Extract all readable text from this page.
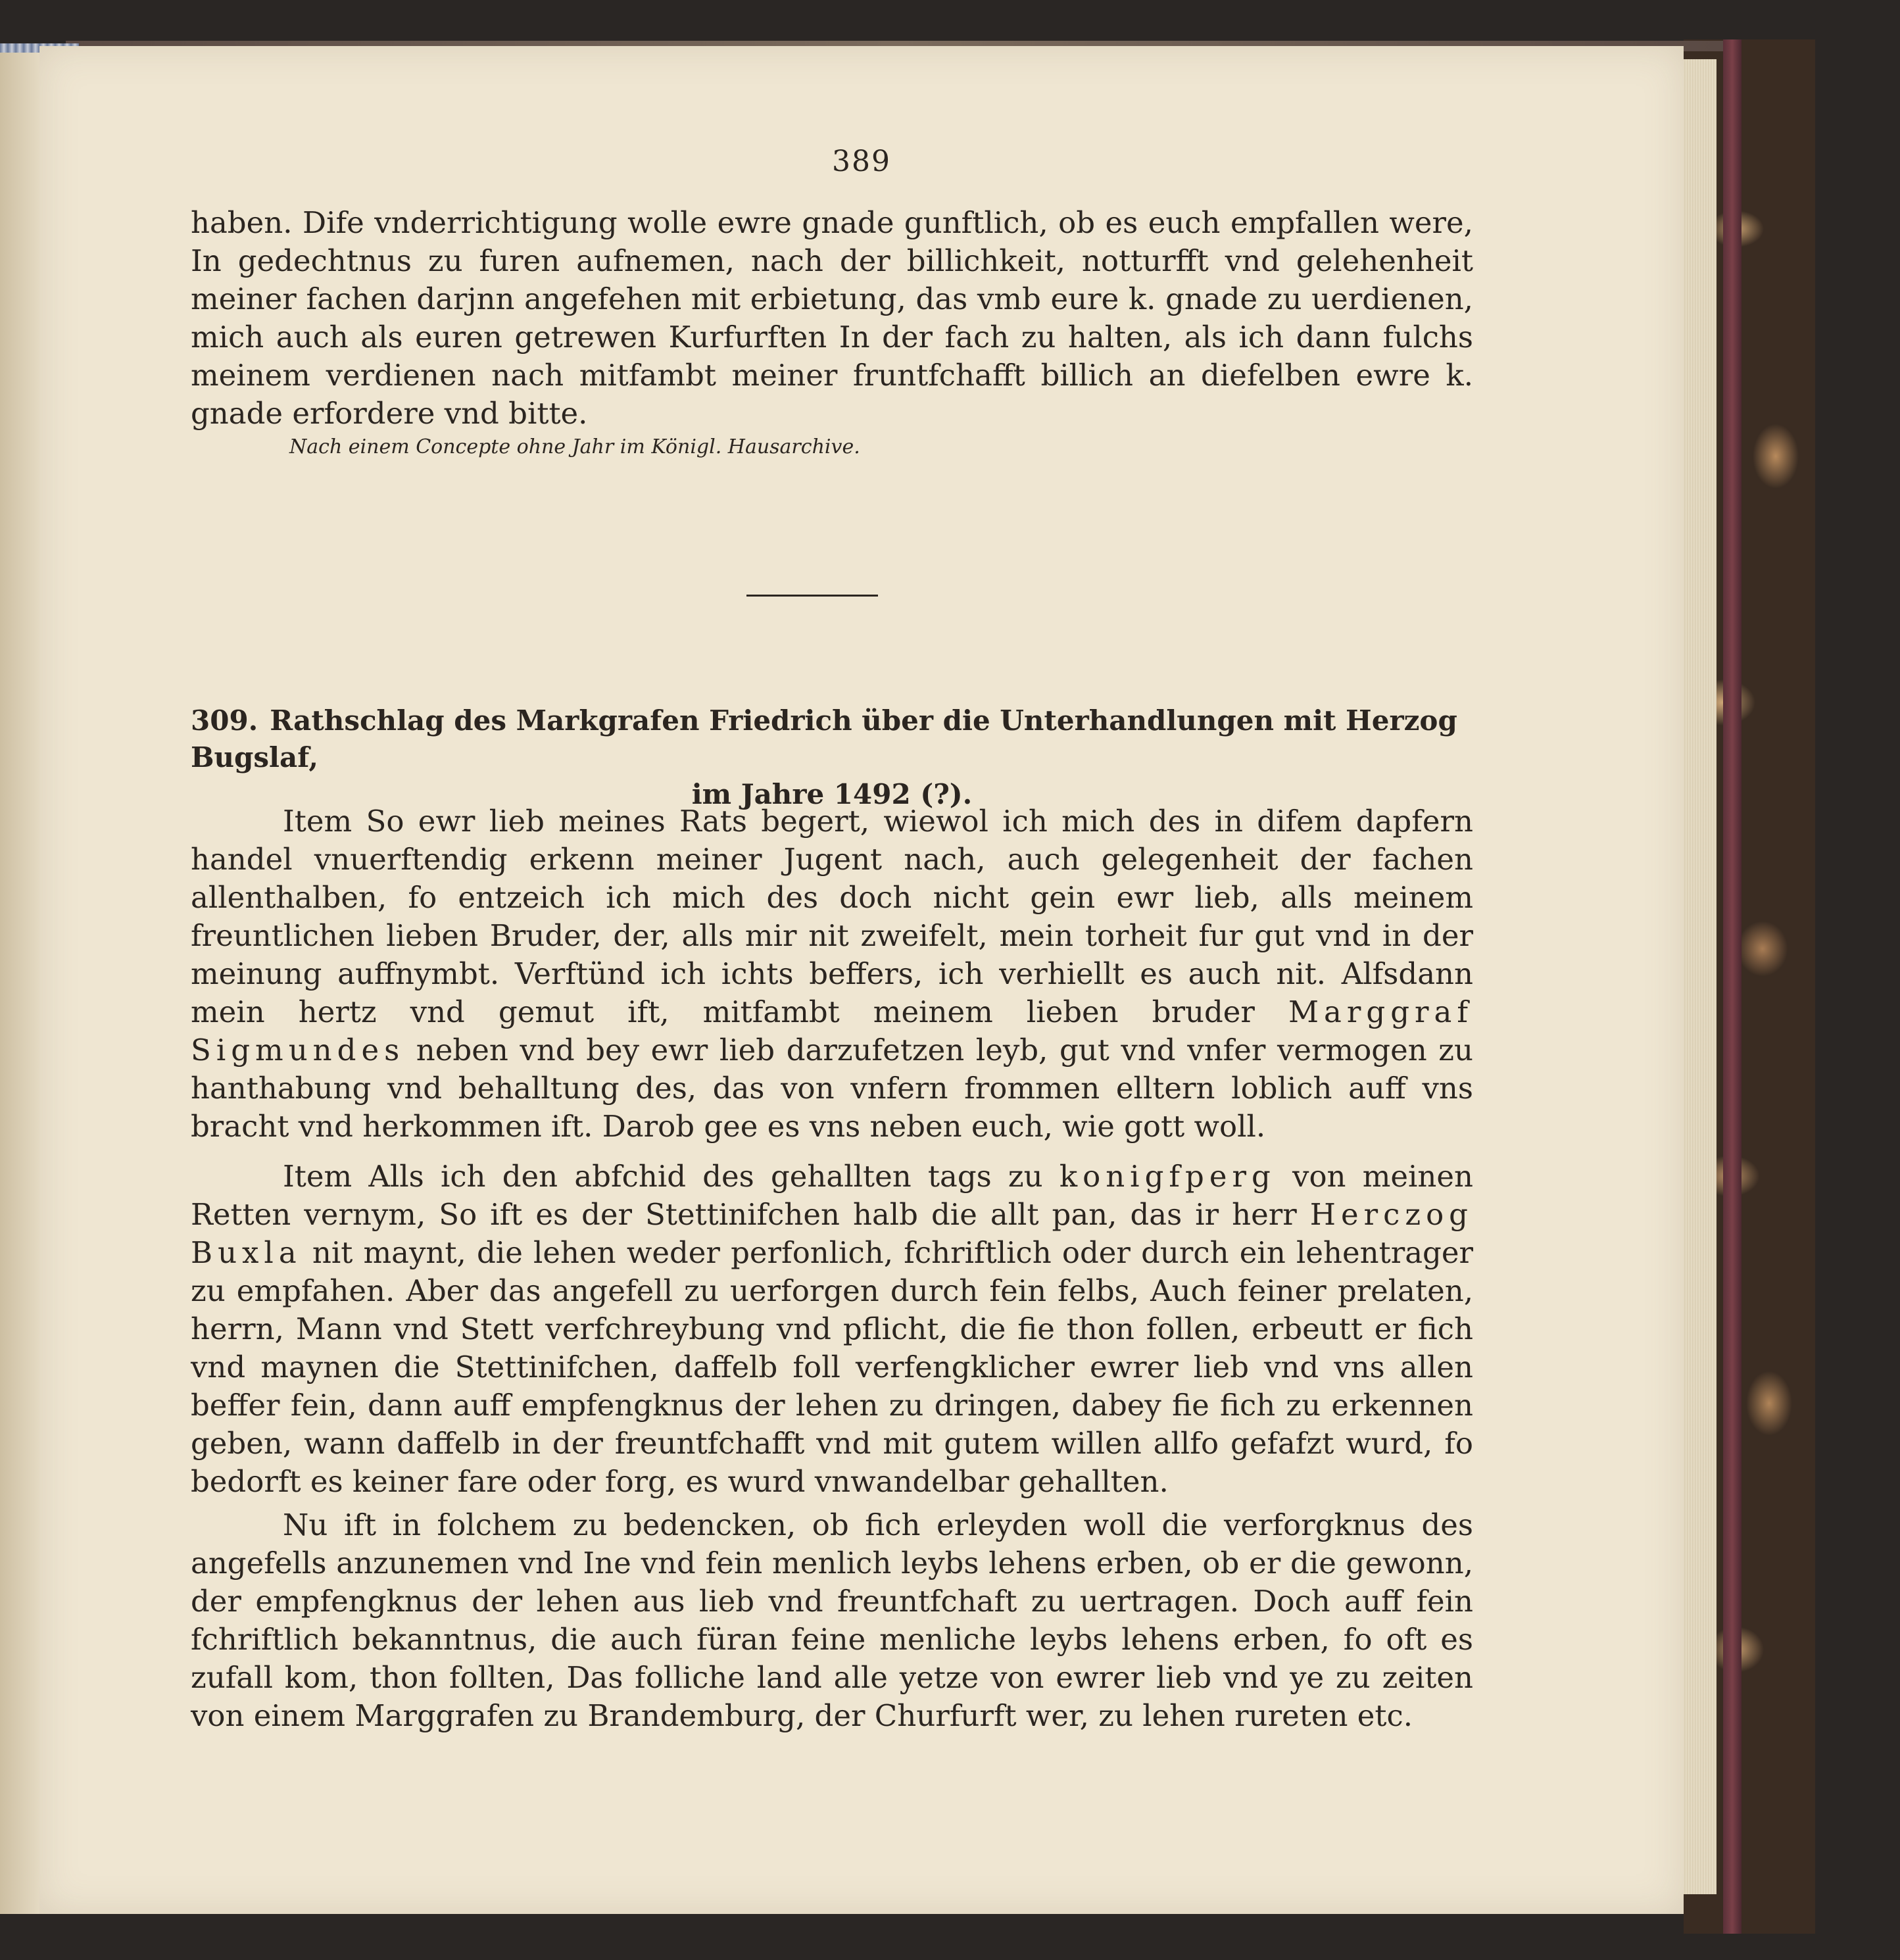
389

haben. Dife vnderrichtigung wolle ewre gnade gunftlich, ob es euch empfallen were, In gedechtnus zu furen aufnemen, nach der billichkeit, notturfft vnd gelehenheit meiner fachen darjnn angefehen mit erbietung, das vmb eure k. gnade zu uerdienen, mich auch als euren getrewen Kurfurften In der fach zu halten, als ich dann fulchs meinem verdienen nach mitfambt meiner fruntfchafft billich an diefelben ewre k. gnade erfordere vnd bitte.

Nach einem Concepte ohne Jahr im Königl. Hausarchive.
309. Rathschlag des Markgrafen Friedrich über die Unterhandlungen mit Herzog Bugslaf,
im Jahre 1492 (?).

Item So ewr lieb meines Rats begert, wiewol ich mich des in difem dapfern handel vnuerftendig erkenn meiner Jugent nach, auch gelegenheit der fachen allenthalben, fo entzeich ich mich des doch nicht gein ewr lieb, alls meinem freuntlichen lieben Bruder, der, alls mir nit zweifelt, mein torheit fur gut vnd in der meinung auffnymbt. Verftünd ich ichts beffers, ich verhiellt es auch nit. Alfsdann mein hertz vnd gemut ift, mitfambt meinem lieben bruder Marggraf Sigmundes neben vnd bey ewr lieb darzufetzen leyb, gut vnd vnfer vermogen zu hanthabung vnd behalltung des, das von vnfern frommen elltern loblich auff vns bracht vnd herkommen ift. Darob gee es vns neben euch, wie gott woll.

Item Alls ich den abfchid des gehallten tags zu konigfperg von meinen Retten vernym, So ift es der Stettinifchen halb die allt pan, das ir herr Herczog Buxla nit maynt, die lehen weder perfonlich, fchriftlich oder durch ein lehentrager zu empfahen. Aber das angefell zu uerforgen durch fein felbs, Auch feiner prelaten, herrn, Mann vnd Stett verfchreybung vnd pflicht, die fie thon follen, erbeutt er fich vnd maynen die Stettinifchen, daffelb foll verfengklicher ewrer lieb vnd vns allen beffer fein, dann auff empfengknus der lehen zu dringen, dabey fie fich zu erkennen geben, wann daffelb in der freuntfchafft vnd mit gutem willen allfo gefafzt wurd, fo bedorft es keiner fare oder forg, es wurd vnwandelbar gehallten.

Nu ift in folchem zu bedencken, ob fich erleyden woll die verforgknus des angefells anzunemen vnd Ine vnd fein menlich leybs lehens erben, ob er die gewonn, der empfengknus der lehen aus lieb vnd freuntfchaft zu uertragen. Doch auff fein fchriftlich bekanntnus, die auch füran feine menliche leybs lehens erben, fo oft es zufall kom, thon follten, Das folliche land alle yetze von ewrer lieb vnd ye zu zeiten von einem Marggrafen zu Brandemburg, der Churfurft wer, zu lehen rureten etc.
